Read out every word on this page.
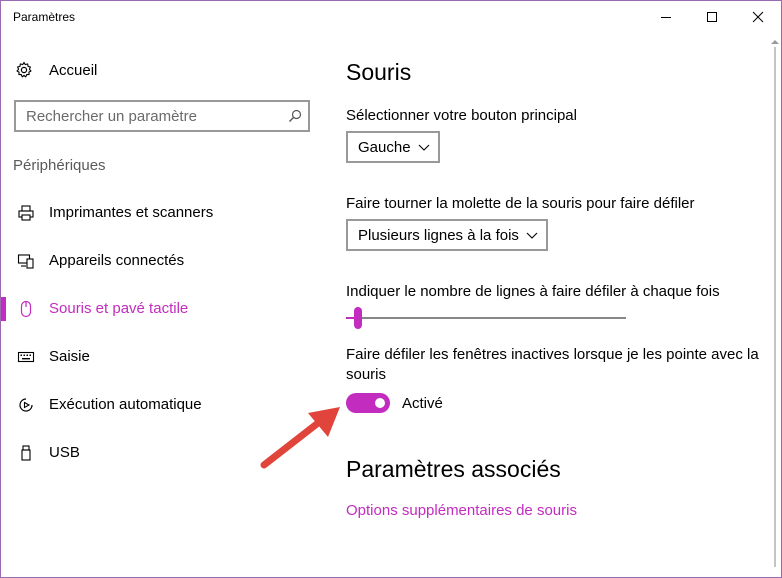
Paramètres
Accueil
Rechercher un paramètre
Périphériques
Imprimantes et scanners
Appareils connectés
Souris et pavé tactile
Saisie
Exécution automatique
USB
Souris
Sélectionner votre bouton principal
Gauche
Faire tourner la molette de la souris pour faire défiler
Plusieurs lignes à la fois
Indiquer le nombre de lignes à faire défiler à chaque fois
Faire défiler les fenêtres inactives lorsque je les pointe avec la souris
Activé
Paramètres associés
Options supplémentaires de souris
